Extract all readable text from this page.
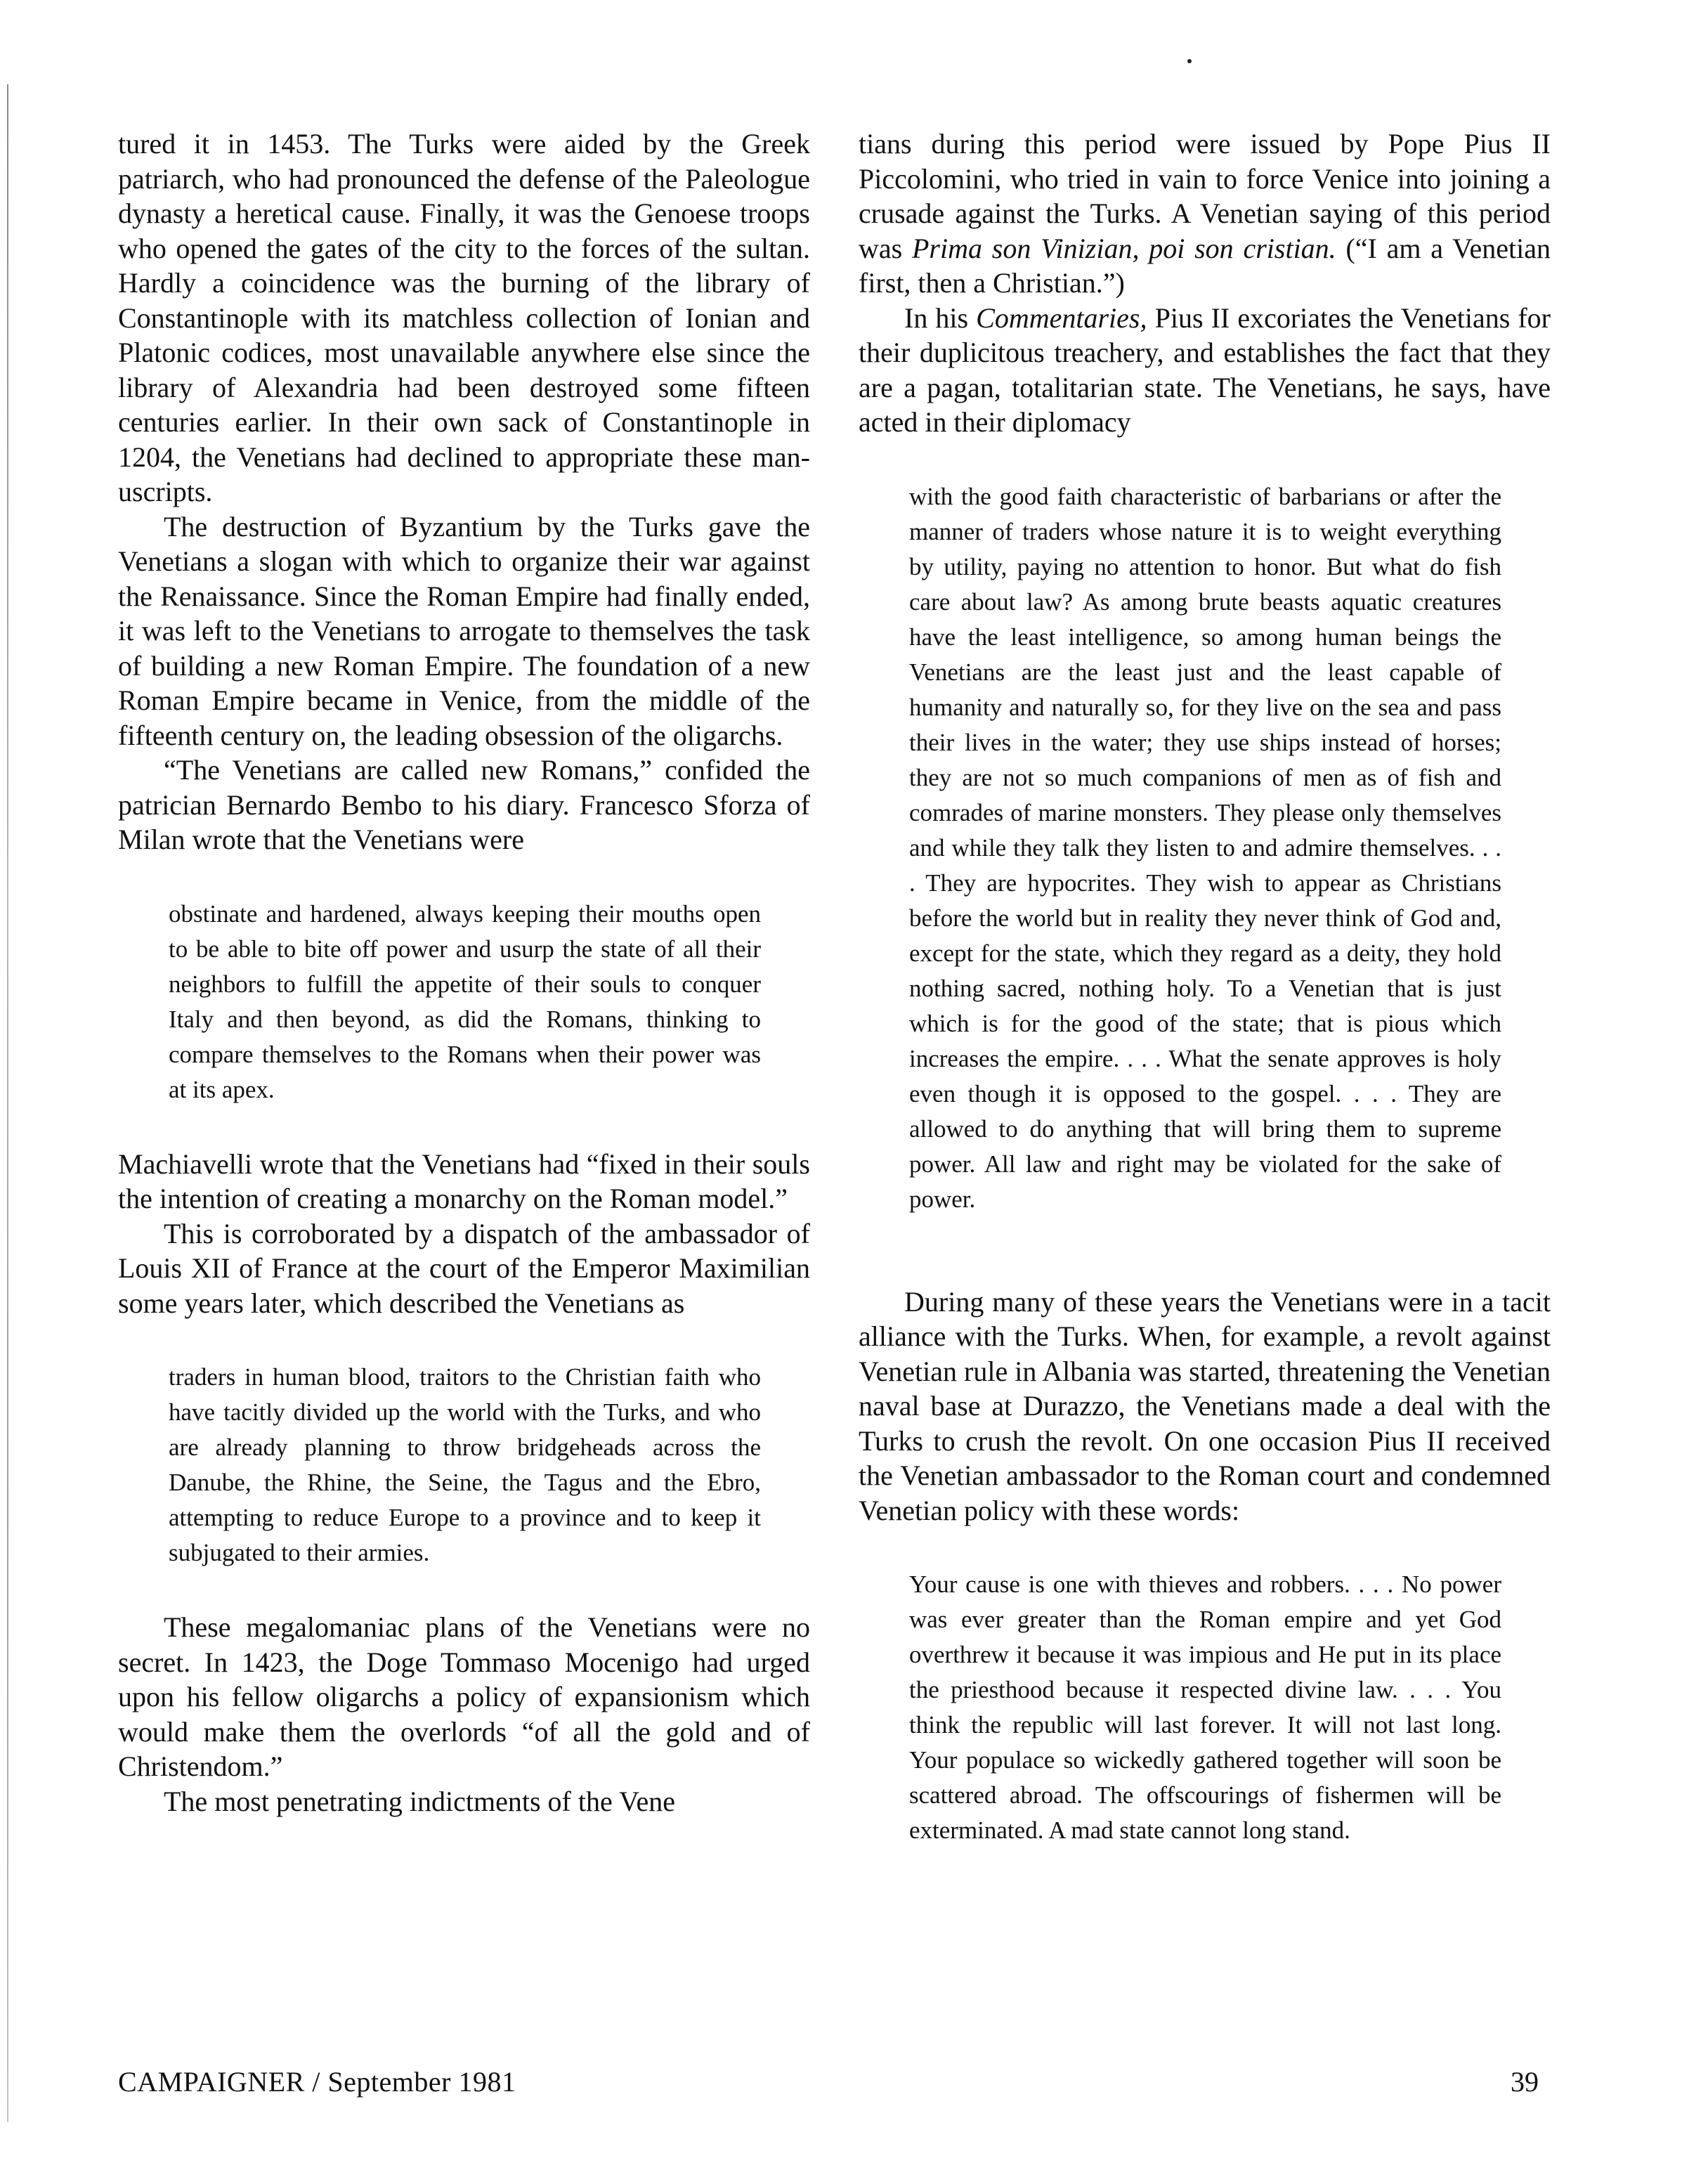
tured it in 1453. The Turks were aided by the Greek patriarch, who had pronounced the defense of the Paleologue dynasty a heretical cause. Finally, it was the Genoese troops who opened the gates of the city to the forces of the sultan. Hardly a coincidence was the burning of the library of Constantinople with its matchless collection of Ionian and Platonic codices, most unavailable anywhere else since the library of Alexandria had been destroyed some fifteen centuries earlier. In their own sack of Constantinople in 1204, the Venetians had declined to appropriate these manuscripts.

The destruction of Byzantium by the Turks gave the Venetians a slogan with which to organize their war against the Renaissance. Since the Roman Empire had finally ended, it was left to the Venetians to arrogate to themselves the task of building a new Roman Empire. The foundation of a new Roman Empire became in Venice, from the middle of the fifteenth century on, the leading obsession of the oligarchs.

“The Venetians are called new Romans,” confided the patrician Bernardo Bembo to his diary. Francesco Sforza of Milan wrote that the Venetians were

obstinate and hardened, always keeping their mouths open to be able to bite off power and usurp the state of all their neighbors to fulfill the appetite of their souls to conquer Italy and then beyond, as did the Romans, thinking to compare themselves to the Romans when their power was at its apex.

Machiavelli wrote that the Venetians had “fixed in their souls the intention of creating a monarchy on the Roman model.”

This is corroborated by a dispatch of the ambassador of Louis XII of France at the court of the Emperor Maximilian some years later, which described the Venetians as

traders in human blood, traitors to the Christian faith who have tacitly divided up the world with the Turks, and who are already planning to throw bridgeheads across the Danube, the Rhine, the Seine, the Tagus and the Ebro, attempting to reduce Europe to a province and to keep it subjugated to their armies.

These megalomaniac plans of the Venetians were no secret. In 1423, the Doge Tommaso Mocenigo had urged upon his fellow oligarchs a policy of expansionism which would make them the overlords “of all the gold and of Christendom.”

The most penetrating indictments of the Vene

tians during this period were issued by Pope Pius II Piccolomini, who tried in vain to force Venice into joining a crusade against the Turks. A Venetian saying of this period was Prima son Vinizian, poi son cristian. (“I am a Venetian first, then a Christian.”)

In his Commentaries, Pius II excoriates the Venetians for their duplicitous treachery, and establishes the fact that they are a pagan, totalitarian state. The Venetians, he says, have acted in their diplomacy

with the good faith characteristic of barbarians or after the manner of traders whose nature it is to weight everything by utility, paying no attention to honor. But what do fish care about law? As among brute beasts aquatic creatures have the least intelligence, so among human beings the Venetians are the least just and the least capable of humanity and naturally so, for they live on the sea and pass their lives in the water; they use ships instead of horses; they are not so much companions of men as of fish and comrades of marine monsters. They please only themselves and while they talk they listen to and admire themselves. . . . They are hypocrites. They wish to appear as Christians before the world but in reality they never think of God and, except for the state, which they regard as a deity, they hold nothing sacred, nothing holy. To a Venetian that is just which is for the good of the state; that is pious which increases the empire. . . . What the senate approves is holy even though it is opposed to the gospel. . . . They are allowed to do anything that will bring them to supreme power. All law and right may be violated for the sake of power.

During many of these years the Venetians were in a tacit alliance with the Turks. When, for example, a revolt against Venetian rule in Albania was started, threatening the Venetian naval base at Durazzo, the Venetians made a deal with the Turks to crush the revolt. On one occasion Pius II received the Venetian ambassador to the Roman court and condemned Venetian policy with these words:

Your cause is one with thieves and robbers. . . . No power was ever greater than the Roman empire and yet God overthrew it because it was impious and He put in its place the priesthood because it respected divine law. . . . You think the republic will last forever. It will not last long. Your populace so wickedly gathered together will soon be scattered abroad. The offscourings of fishermen will be exterminated. A mad state cannot long stand.

CAMPAIGNER / September 1981	39
